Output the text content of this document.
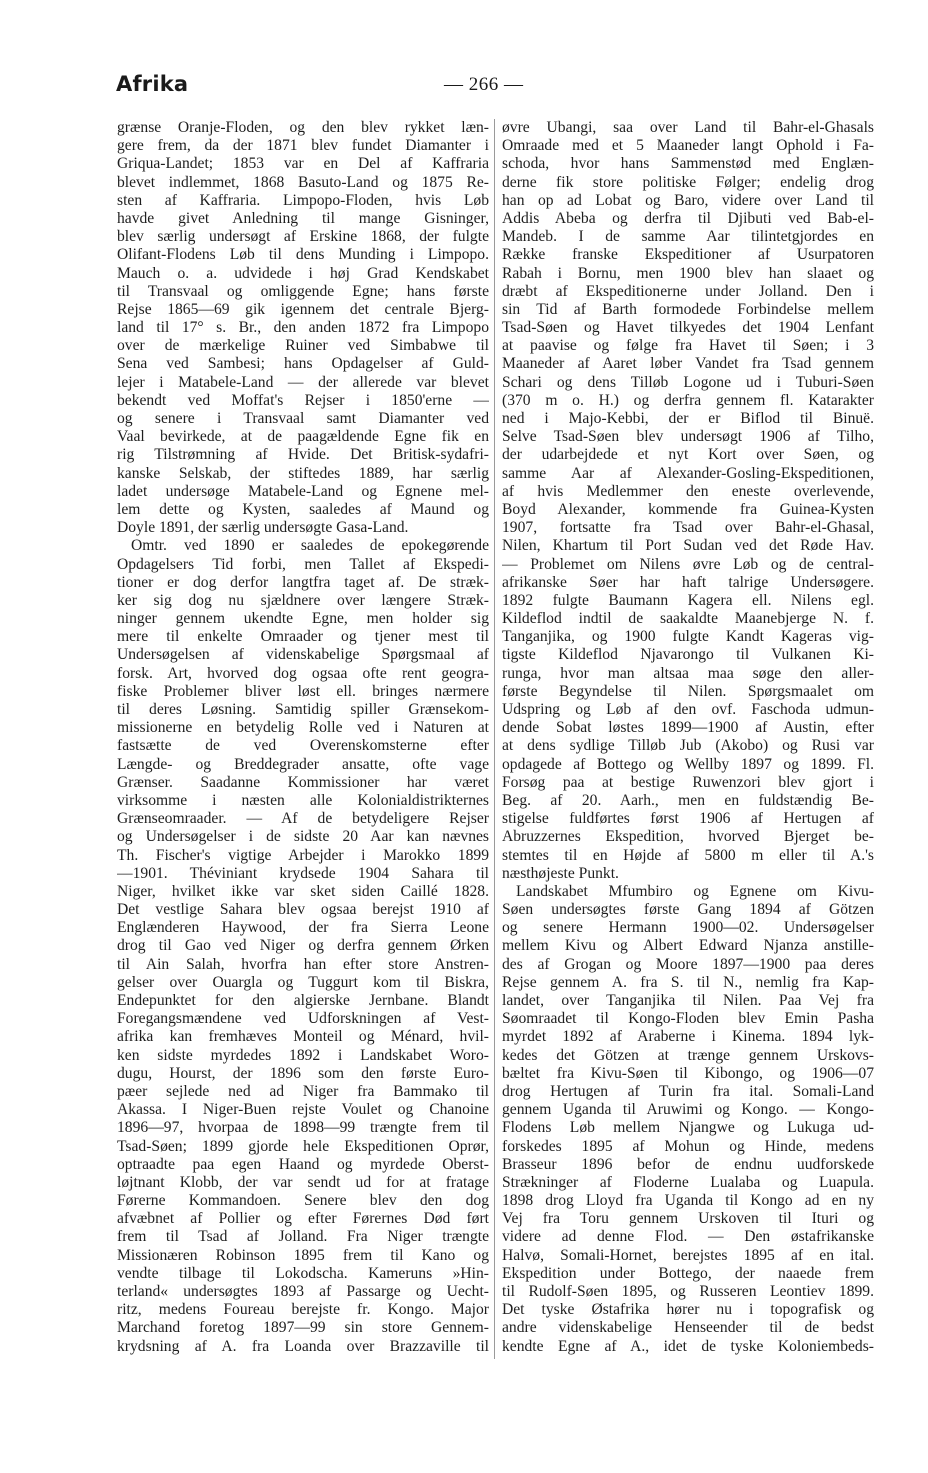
Afrika	— 266 —
grænse Oranje-Floden, og den blev rykket læn-
gere frem, da der 1871 blev fundet Diamanter i
Griqua-Landet; 1853 var en Del af Kaffraria
blevet indlemmet, 1868 Basuto-Land og 1875 Re-
sten af Kaffraria. Limpopo-Floden, hvis Løb
havde givet Anledning til mange Gisninger,
blev særlig undersøgt af Erskine 1868, der fulgte
Olifant-Flodens Løb til dens Munding i Limpopo.
Mauch o. a. udvidede i høj Grad Kendskabet
til Transvaal og omliggende Egne; hans første
Rejse 1865—69 gik igennem det centrale Bjerg-
land til 17° s. Br., den anden 1872 fra Limpopo
over de mærkelige Ruiner ved Simbabwe til
Sena ved Sambesi; hans Opdagelser af Guld-
lejer i Matabele-Land — der allerede var blevet
bekendt ved Moffat's Rejser i 1850'erne —
og senere i Transvaal samt Diamanter ved
Vaal bevirkede, at de paagældende Egne fik en
rig Tilstrømning af Hvide. Det Britisk-sydafri-
kanske Selskab, der stiftedes 1889, har særlig
ladet undersøge Matabele-Land og Egnene mel-
lem dette og Kysten, saaledes af Maund og
Doyle 1891, der særlig undersøgte Gasa-Land.
Omtr. ved 1890 er saaledes de epokegørende
Opdagelsers Tid forbi, men Tallet af Ekspedi-
tioner er dog derfor langtfra taget af. De stræk-
ker sig dog nu sjældnere over længere Stræk-
ninger gennem ukendte Egne, men holder sig
mere til enkelte Omraader og tjener mest til
Undersøgelsen af videnskabelige Spørgsmaal af
forsk. Art, hvorved dog ogsaa ofte rent geogra-
fiske Problemer bliver løst ell. bringes nærmere
til deres Løsning. Samtidig spiller Grænsekom-
missionerne en betydelig Rolle ved i Naturen at
fastsætte de ved Overenskomsterne efter
Længde- og Breddegrader ansatte, ofte vage
Grænser. Saadanne Kommissioner har været
virksomme i næsten alle Kolonialdistrikternes
Grænseomraader. — Af de betydeligere Rejser
og Undersøgelser i de sidste 20 Aar kan nævnes
Th. Fischer's vigtige Arbejder i Marokko 1899
—1901. Théviniant krydsede 1904 Sahara til
Niger, hvilket ikke var sket siden Caillé 1828.
Det vestlige Sahara blev ogsaa berejst 1910 af
Englænderen Haywood, der fra Sierra Leone
drog til Gao ved Niger og derfra gennem Ørken
til Ain Salah, hvorfra han efter store Anstren-
gelser over Ouargla og Tuggurt kom til Biskra,
Endepunktet for den algierske Jernbane. Blandt
Foregangsmændene ved Udforskningen af Vest-
afrika kan fremhæves Monteil og Ménard, hvil-
ken sidste myrdedes 1892 i Landskabet Woro-
dugu, Hourst, der 1896 som den første Euro-
pæer sejlede ned ad Niger fra Bammako til
Akassa. I Niger-Buen rejste Voulet og Chanoine
1896—97, hvorpaa de 1898—99 trængte frem til
Tsad-Søen; 1899 gjorde hele Ekspeditionen Oprør,
optraadte paa egen Haand og myrdede Oberst-
løjtnant Klobb, der var sendt ud for at fratage
Førerne Kommandoen. Senere blev den dog
afvæbnet af Pollier og efter Førernes Død ført
frem til Tsad af Jolland. Fra Niger trængte
Missionæren Robinson 1895 frem til Kano og
vendte tilbage til Lokodscha. Kameruns »Hin-
terland« undersøgtes 1893 af Passarge og Uecht-
ritz, medens Foureau berejste fr. Kongo. Major
Marchand foretog 1897—99 sin store Gennem-
krydsning af A. fra Loanda over Brazzaville til
øvre Ubangi, saa over Land til Bahr-el-Ghasals
Omraade med et 5 Maaneder langt Ophold i Fa-
schoda, hvor hans Sammenstød med Englæn-
derne fik store politiske Følger; endelig drog
han op ad Lobat og Baro, videre over Land til
Addis Abeba og derfra til Djibuti ved Bab-el-
Mandeb. I de samme Aar tilintetgjordes en
Række franske Ekspeditioner af Usurpatoren
Rabah i Bornu, men 1900 blev han slaaet og
dræbt af Ekspeditionerne under Jolland. Den i
sin Tid af Barth formodede Forbindelse mellem
Tsad-Søen og Havet tilkyedes det 1904 Lenfant
at paavise og følge fra Havet til Søen; i 3
Maaneder af Aaret løber Vandet fra Tsad gennem
Schari og dens Tilløb Logone ud i Tuburi-Søen
(370 m o. H.) og derfra gennem fl. Katarakter
ned i Majo-Kebbi, der er Biflod til Binuë.
Selve Tsad-Søen blev undersøgt 1906 af Tilho,
der udarbejdede et nyt Kort over Søen, og
samme Aar af Alexander-Gosling-Ekspeditionen,
af hvis Medlemmer den eneste overlevende,
Boyd Alexander, kommende fra Guinea-Kysten
1907, fortsatte fra Tsad over Bahr-el-Ghasal,
Nilen, Khartum til Port Sudan ved det Røde Hav.
— Problemet om Nilens øvre Løb og de central-
afrikanske Søer har haft talrige Undersøgere.
1892 fulgte Baumann Kagera ell. Nilens egl.
Kildeflod indtil de saakaldte Maanebjerge N. f.
Tanganjika, og 1900 fulgte Kandt Kageras vig-
tigste Kildeflod Njavarongo til Vulkanen Ki-
runga, hvor man altsaa maa søge den aller-
første Begyndelse til Nilen. Spørgsmaalet om
Udspring og Løb af den ovf. Faschoda udmun-
dende Sobat løstes 1899—1900 af Austin, efter
at dens sydlige Tilløb Jub (Akobo) og Rusi var
opdagede af Bottego og Wellby 1897 og 1899. Fl.
Forsøg paa at bestige Ruwenzori blev gjort i
Beg. af 20. Aarh., men en fuldstændig Be-
stigelse fuldførtes først 1906 af Hertugen af
Abruzzernes Ekspedition, hvorved Bjerget be-
stemtes til en Højde af 5800 m eller til A.'s
næsthøjeste Punkt.
Landskabet Mfumbiro og Egnene om Kivu-
Søen undersøgtes første Gang 1894 af Götzen
og senere Hermann 1900—02. Undersøgelser
mellem Kivu og Albert Edward Njanza anstille-
des af Grogan og Moore 1897—1900 paa deres
Rejse gennem A. fra S. til N., nemlig fra Kap-
landet, over Tanganjika til Nilen. Paa Vej fra
Søomraadet til Kongo-Floden blev Emin Pasha
myrdet 1892 af Araberne i Kinema. 1894 lyk-
kedes det Götzen at trænge gennem Urskovs-
bæltet fra Kivu-Søen til Kibongo, og 1906—07
drog Hertugen af Turin fra ital. Somali-Land
gennem Uganda til Aruwimi og Kongo. — Kongo-
Flodens Løb mellem Njangwe og Lukuga ud-
forskedes 1895 af Mohun og Hinde, medens
Brasseur 1896 befor de endnu uudforskede
Strækninger af Floderne Lualaba og Luapula.
1898 drog Lloyd fra Uganda til Kongo ad en ny
Vej fra Toru gennem Urskoven til Ituri og
videre ad denne Flod. — Den østafrikanske
Halvø, Somali-Hornet, berejstes 1895 af en ital.
Ekspedition under Bottego, der naaede frem
til Rudolf-Søen 1895, og Russeren Leontiev 1899.
Det tyske Østafrika hører nu i topografisk og
andre videnskabelige Henseender til de bedst
kendte Egne af A., idet de tyske Koloniembeds-
